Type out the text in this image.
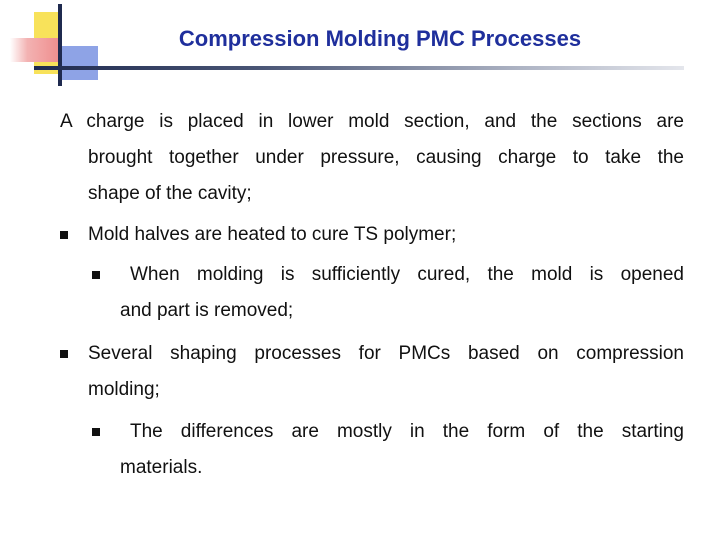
Compression Molding PMC Processes
A charge is placed in lower mold section, and the sections are
brought together under pressure, causing charge to take the
shape of the cavity;
Mold halves are heated to cure TS polymer;
When molding is sufficiently cured, the mold is opened
and part is removed;
Several shaping processes for PMCs based on compression
molding;
The differences are mostly in the form of the starting
materials.
